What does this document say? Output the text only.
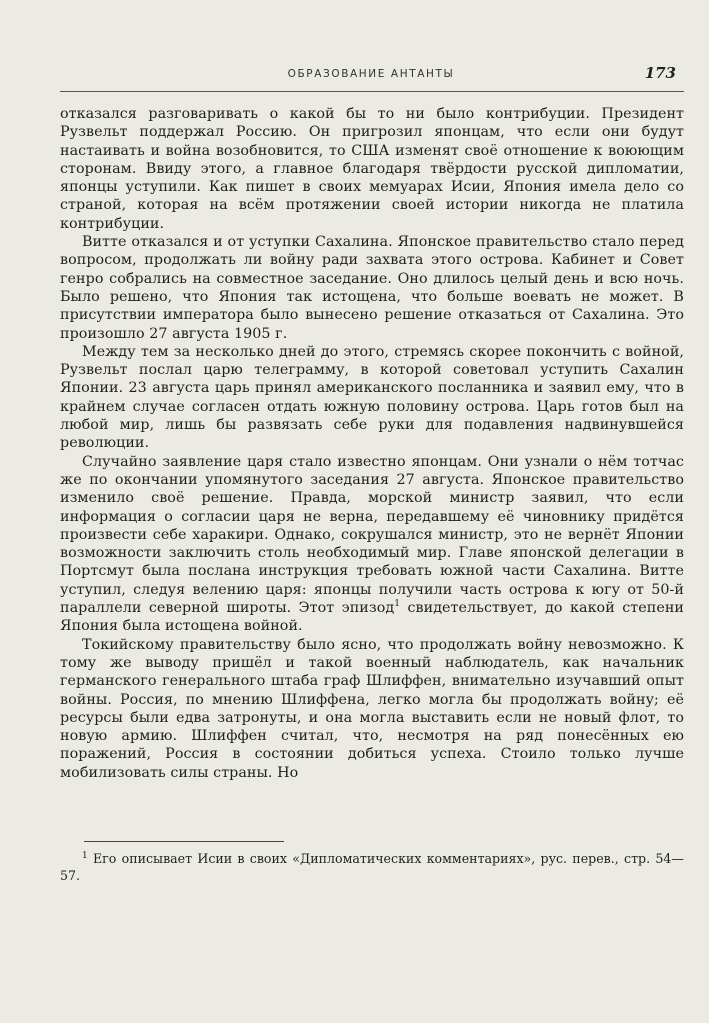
ОБРАЗОВАНИЕ АНТАНТЫ	173

отказался разговаривать о какой бы то ни было контрибуции. Президент Рузвельт поддержал Россию. Он пригрозил японцам, что если они будут настаивать и война возобновится, то США изменят своё отношение к воюющим сторонам. Ввиду этого, а главное благодаря твёрдости русской дипломатии, японцы уступили. Как пишет в своих мемуарах Исии, Япония имела дело со страной, которая на всём протяжении своей истории никогда не платила контрибуции.

Витте отказался и от уступки Сахалина. Японское правительство стало перед вопросом, продолжать ли войну ради захвата этого острова. Кабинет и Совет генро собрались на совместное заседание. Оно длилось целый день и всю ночь. Было решено, что Япония так истощена, что больше воевать не может. В присутствии императора было вынесено решение отказаться от Сахалина. Это произошло 27 августа 1905 г.

Между тем за несколько дней до этого, стремясь скорее покончить с войной, Рузвельт послал царю телеграмму, в которой советовал уступить Сахалин Японии. 23 августа царь принял американского посланника и заявил ему, что в крайнем случае согласен отдать южную половину острова. Царь готов был на любой мир, лишь бы развязать себе руки для подавления надвинувшейся революции.

Случайно заявление царя стало известно японцам. Они узнали о нём тотчас же по окончании упомянутого заседания 27 августа. Японское правительство изменило своё решение. Правда, морской министр заявил, что если информация о согласии царя не верна, передавшему её чиновнику придётся произвести себе харакири. Однако, сокрушался министр, это не вернёт Японии возможности заключить столь необходимый мир. Главе японской делегации в Портсмут была послана инструкция требовать южной части Сахалина. Витте уступил, следуя велению царя: японцы получили часть острова к югу от 50-й параллели северной широты. Этот эпизод$^1$ свидетельствует, до какой степени Япония была истощена войной.

Токийскому правительству было ясно, что продолжать войну невозможно. К тому же выводу пришёл и такой военный наблюдатель, как начальник германского генерального штаба граф Шлиффен, внимательно изучавший опыт войны. Россия, по мнению Шлиффена, легко могла бы продолжать войну; её ресурсы были едва затронуты, и она могла выставить если не новый флот, то новую армию. Шлиффен считал, что, несмотря на ряд понесённых ею поражений, Россия в состоянии добиться успеха. Стоило только лучше мобилизовать силы страны. Но

$^1$ Его описывает Исии в своих «Дипломатических комментариях», рус. перев., стр. 54—57.
